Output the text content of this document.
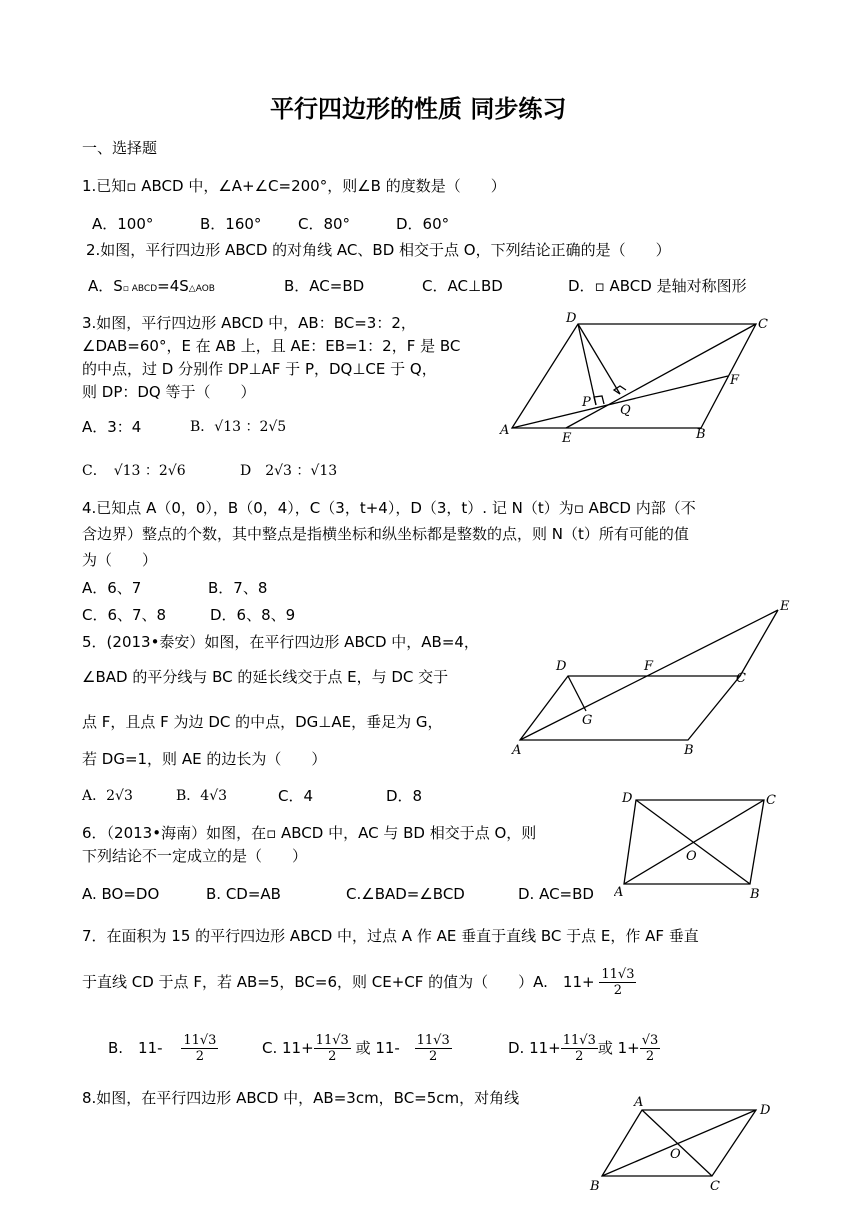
平行四边形的性质 同步练习
一、选择题
1.已知▫ ABCD 中，∠A+∠C=200°，则∠B 的度数是（　　）
A．100°	B．160° C．80°	D．60°
2.如图，平行四边形 ABCD 的对角线 AC、BD 相交于点 O，下列结论正确的是（　　）
A．S▫ ABCD=4S△AOB	B．AC=BD	C．AC⊥BD	D．▫ ABCD 是轴对称图形
3.如图，平行四边形 ABCD 中，AB：BC=3：2，
∠DAB=60°，E 在 AB 上，且 AE：EB=1：2，F 是 BC
的中点，过 D 分别作 DP⊥AF 于 P，DQ⊥CE 于 Q，
则 DP：DQ 等于（　　）
A．3：4	B．√13 ：2√5
C．　√13 ：2√6	D　2√3 ：√13
D	C
F
P
Q
A
E	B
4.已知点 A（0，0），B（0，4），C（3，t+4），D（3，t）. 记 N（t）为▫ ABCD 内部（不
含边界）整点的个数，其中整点是指横坐标和纵坐标都是整数的点，则 N（t）所有可能的值
为（　　）
A．6、7	B．7、8
C．6、7、8	D．6、8、9
5．(2013•泰安）如图，在平行四边形 ABCD 中，AB=4，
∠BAD 的平分线与 BC 的延长线交于点 E，与 DC 交于
点 F，且点 F 为边 DC 的中点，DG⊥AE，垂足为 G，
若 DG=1，则 AE 的边长为（　　）
A．2√3	B．4√3	C．4	D．8
E
D	F
C
G
A	B
6．（2013•海南）如图，在▫ ABCD 中，AC 与 BD 相交于点 O，则
下列结论不一定成立的是（　　）
A. BO=DO	B. CD=AB	C.∠BAD=∠BCD	D. AC=BD
D	C
O
A	B
7．在面积为 15 的平行四边形 ABCD 中，过点 A 作 AE 垂直于直线 BC 于点 E，作 AF 垂直
于直线 CD 于点 F，若 AB=5，BC=6，则 CE+CF 的值为（　　）A.　$11+ \frac{11√3}{2}$
B.　$11- \frac{11√3}{2}$	C. $11+ \frac{11√3}{2}$ 或 $11- \frac{11√3}{2}$	D. $11+ \frac{11√3}{2}$ 或 $1+ \frac{√3}{2}$
8.如图，在平行四边形 ABCD 中，AB=3cm，BC=5cm，对角线	A
D
O
B	C
